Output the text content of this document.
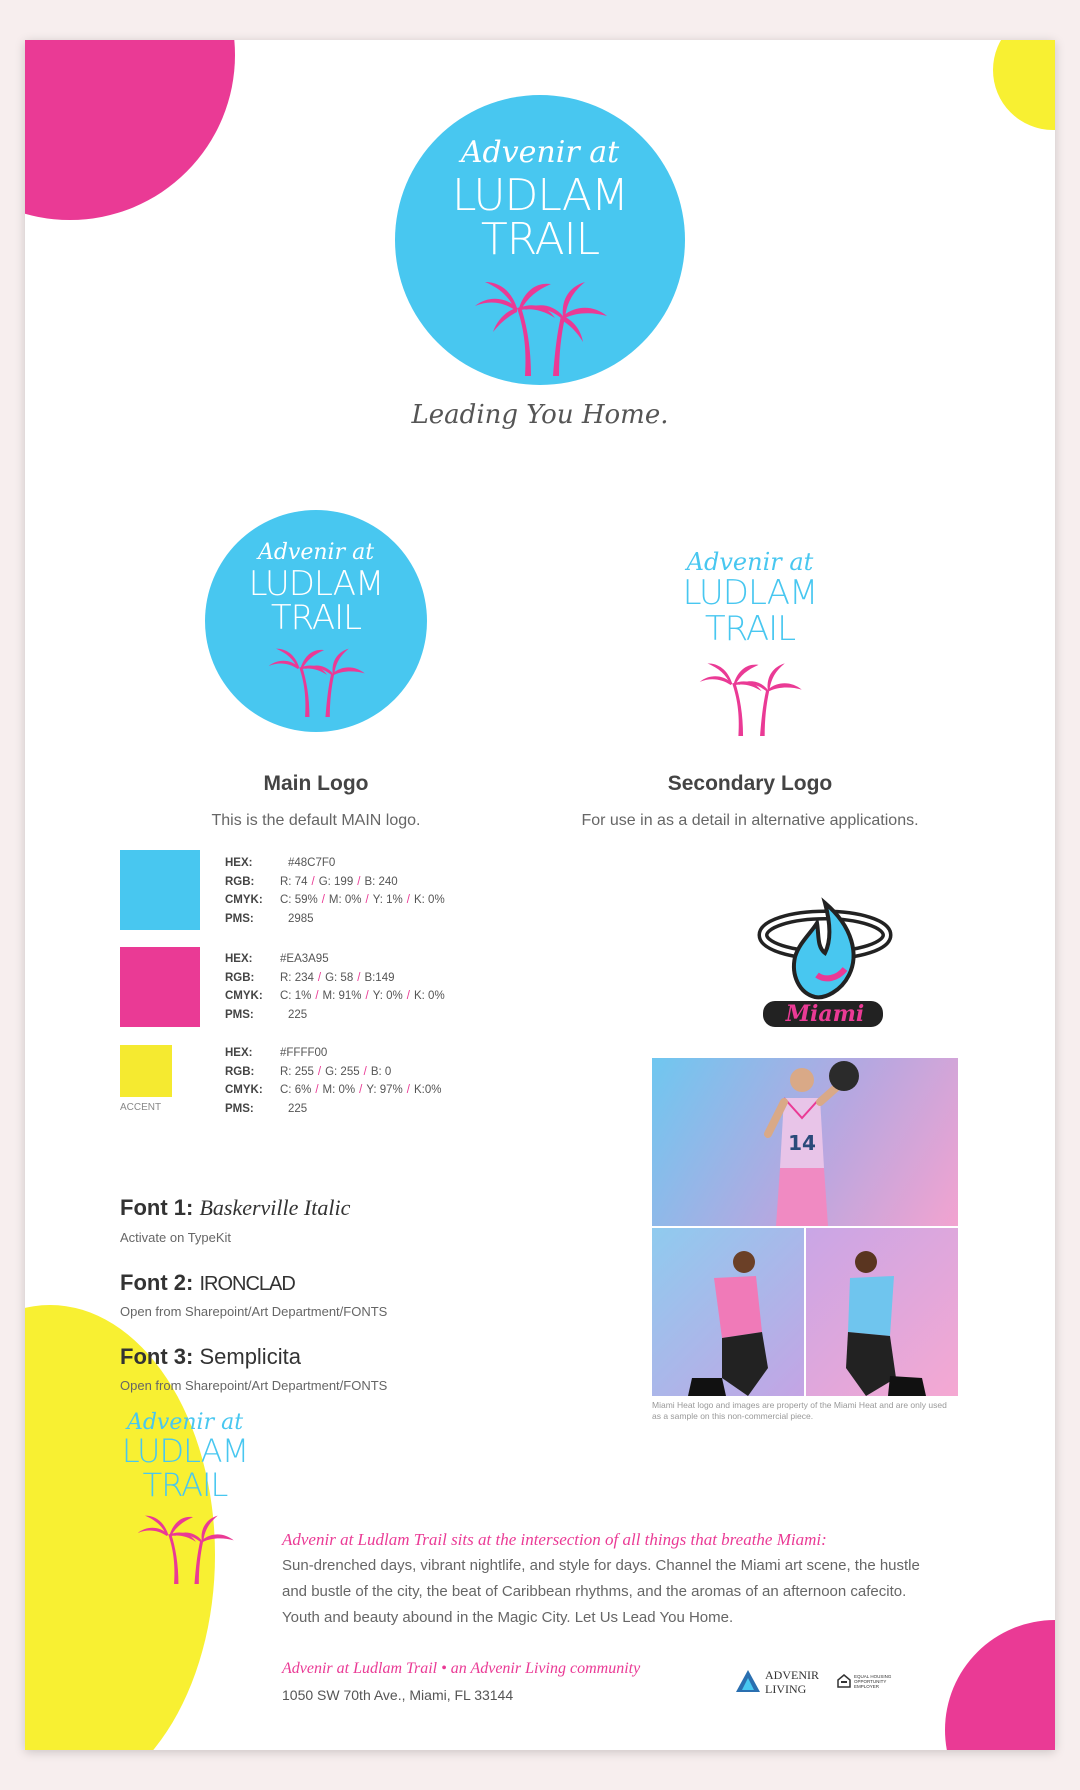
Advenir at
LUDLAM
TRAIL
Leading You Home.
Advenir at
LUDLAM
TRAIL
Main Logo
This is the default MAIN logo.
Advenir at
LUDLAM
TRAIL
Secondary Logo
For use in as a detail in alternative applications.
HEX:	#48C7F0
RGB: R: 74 / G: 199 / B: 240
CMYK: C: 59% / M: 0% / Y: 1% / K: 0%
PMS:	2985
HEX: #EA3A95
RGB: R: 234 / G: 58 / B:149
CMYK: C: 1% / M: 91% / Y: 0% / K: 0%
PMS:	225
ACCENT
HEX: #FFFF00
RGB: R: 255 / G: 255 / B: 0
CMYK: C: 6% / M: 0% / Y: 97% / K:0%
PMS:	225
Font 1: Baskerville Italic
Activate on TypeKit
Font 2: IRONCLAD
Open from Sharepoint/Art Department/FONTS
Font 3: Semplicita
Open from Sharepoint/Art Department/FONTS
Miami
14
Miami Heat logo and images are property of the Miami Heat and are only used as a sample on this non-commercial piece.
Advenir at
LUDLAM
TRAIL
Advenir at Ludlam Trail sits at the intersection of all things that breathe Miami:
Sun-drenched days, vibrant nightlife, and style for days. Channel the Miami art scene, the hustle and bustle of the city, the beat of Caribbean rhythms, and the aromas of an afternoon cafecito. Youth and beauty abound in the Magic City. Let Us Lead You Home.
Advenir at Ludlam Trail • an Advenir Living community
1050 SW 70th Ave., Miami, FL 33144
ADVENIR
LIVING
EQUAL HOUSING OPPORTUNITY EMPLOYER
